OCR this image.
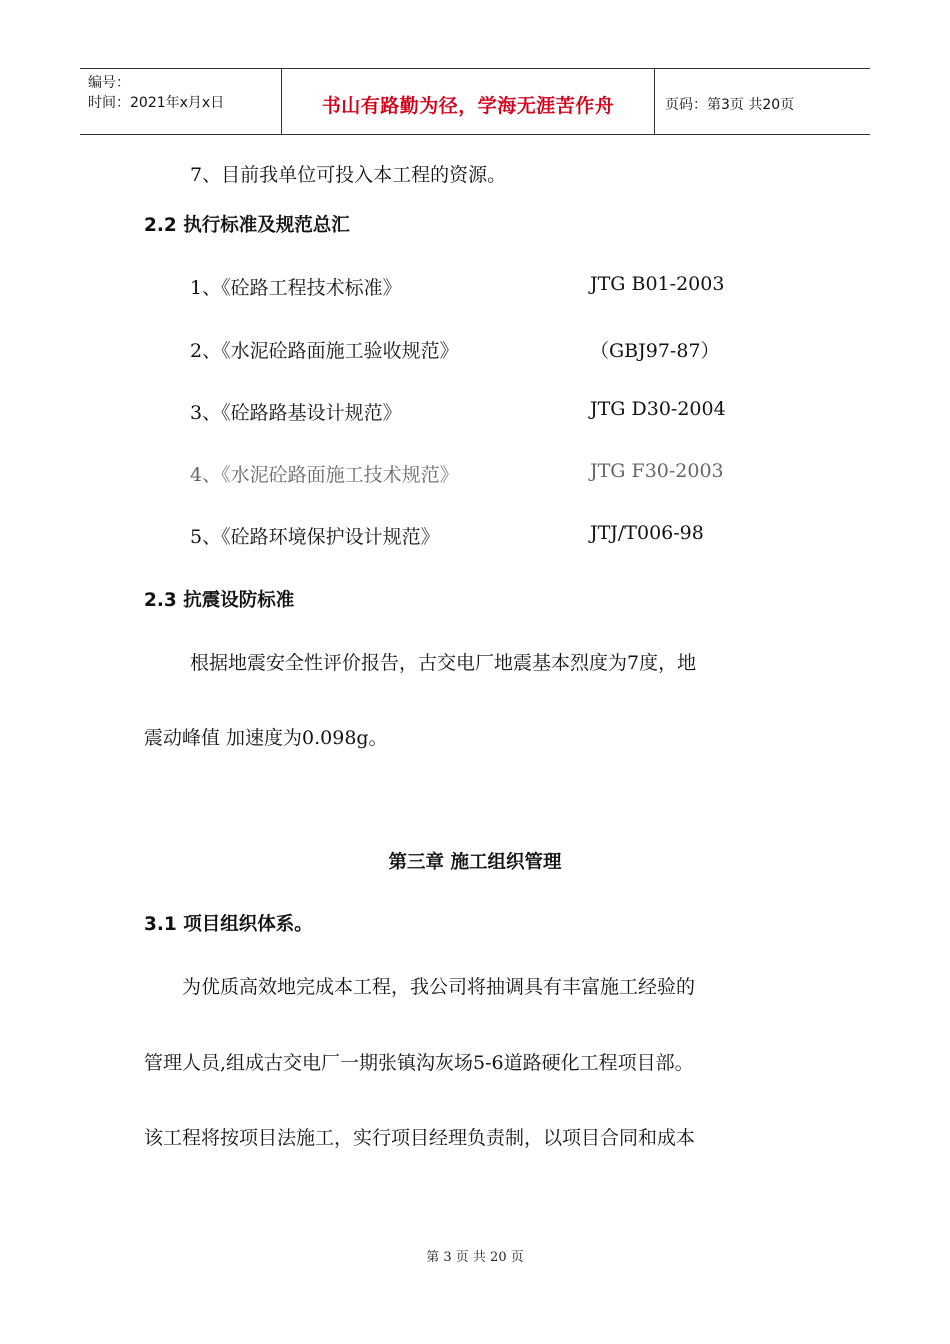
编号：
时间：2021年x月x日	书山有路勤为径，学海无涯苦作舟	页码：第3页 共20页
7、目前我单位可投入本工程的资源。
2.2 执行标准及规范总汇
1、《砼路工程技术标准》	JTG B01-2003
2、《水泥砼路面施工验收规范》	（GBJ97-87）
3、《砼路路基设计规范》	JTG D30-2004
4、《水泥砼路面施工技术规范》	JTG F30-2003
5、《砼路环境保护设计规范》	JTJ/T006-98
2.3 抗震设防标准
根据地震安全性评价报告，古交电厂地震基本烈度为7度，地
震动峰值 加速度为0.098g。
第三章 施工组织管理
3.1 项目组织体系。
为优质高效地完成本工程，我公司将抽调具有丰富施工经验的
管理人员,组成古交电厂一期张镇沟灰场5-6道路硬化工程项目部。
该工程将按项目法施工，实行项目经理负责制，以项目合同和成本
第 3 页 共 20 页
